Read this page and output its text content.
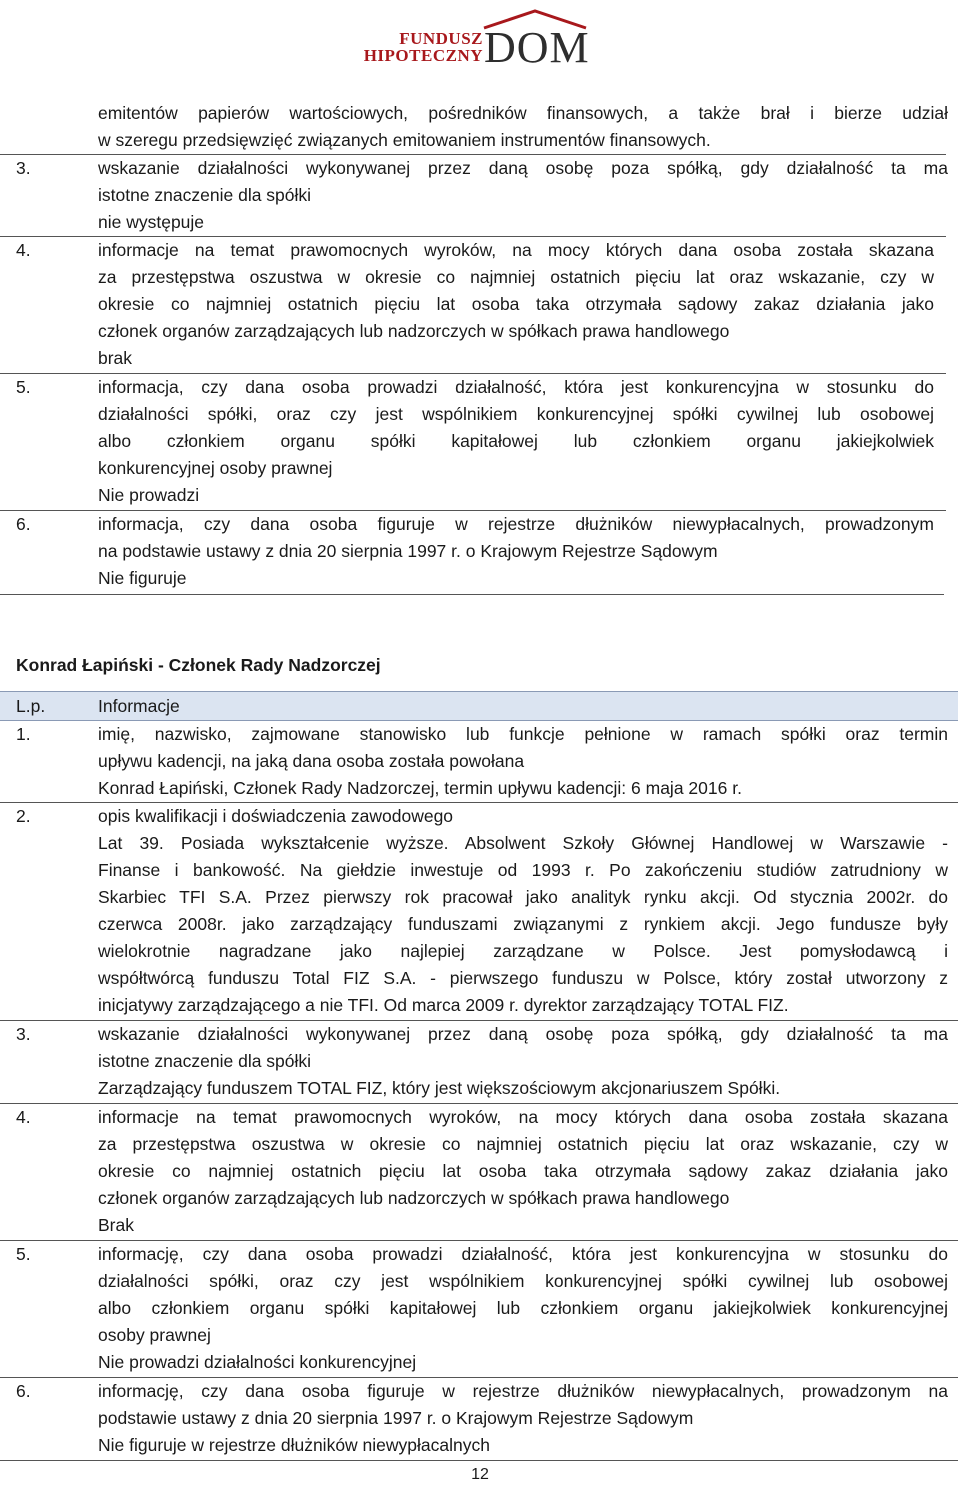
FUNDUSZ
HIPOTECZNY DOM
emitentów papierów wartościowych, pośredników finansowych, a także brał i bierze udział
w szeregu przedsięwzięć związanych emitowaniem instrumentów finansowych.
3.	wskazanie działalności wykonywanej przez daną osobę poza spółką, gdy działalność ta ma
istotne znaczenie dla spółki
nie występuje
4.	informacje na temat prawomocnych wyroków, na mocy których dana osoba została skazana
za przestępstwa oszustwa w okresie co najmniej ostatnich pięciu lat oraz wskazanie, czy w
okresie co najmniej ostatnich pięciu lat osoba taka otrzymała sądowy zakaz działania jako
członek organów zarządzających lub nadzorczych w spółkach prawa handlowego
brak
5.	informacja, czy dana osoba prowadzi działalność, która jest konkurencyjna w stosunku do
działalności spółki, oraz czy jest wspólnikiem konkurencyjnej spółki cywilnej lub osobowej
albo członkiem organu spółki kapitałowej lub członkiem organu jakiejkolwiek
konkurencyjnej osoby prawnej
Nie prowadzi
6.	informacja, czy dana osoba figuruje w rejestrze dłużników niewypłacalnych, prowadzonym
na podstawie ustawy z dnia 20 sierpnia 1997 r. o Krajowym Rejestrze Sądowym
Nie figuruje
Konrad Łapiński - Członek Rady Nadzorczej
L.p.	Informacje
1.	imię, nazwisko, zajmowane stanowisko lub funkcje pełnione w ramach spółki oraz termin
upływu kadencji, na jaką dana osoba została powołana
Konrad Łapiński, Członek Rady Nadzorczej, termin upływu kadencji: 6 maja 2016 r.
2.	opis kwalifikacji i doświadczenia zawodowego
Lat 39. Posiada wykształcenie wyższe. Absolwent Szkoły Głównej Handlowej w Warszawie -
Finanse i bankowość. Na giełdzie inwestuje od 1993 r. Po zakończeniu studiów zatrudniony w
Skarbiec TFI S.A. Przez pierwszy rok pracował jako analityk rynku akcji. Od stycznia 2002r. do
czerwca 2008r. jako zarządzający funduszami związanymi z rynkiem akcji. Jego fundusze były
wielokrotnie nagradzane jako najlepiej zarządzane w Polsce. Jest pomysłodawcą i
współtwórcą funduszu Total FIZ S.A. - pierwszego funduszu w Polsce, który został utworzony z
inicjatywy zarządzającego a nie TFI. Od marca 2009 r. dyrektor zarządzający TOTAL FIZ.
3.	wskazanie działalności wykonywanej przez daną osobę poza spółką, gdy działalność ta ma
istotne znaczenie dla spółki
Zarządzający funduszem TOTAL FIZ, który jest większościowym akcjonariuszem Spółki.
4.	informacje na temat prawomocnych wyroków, na mocy których dana osoba została skazana
za przestępstwa oszustwa w okresie co najmniej ostatnich pięciu lat oraz wskazanie, czy w
okresie co najmniej ostatnich pięciu lat osoba taka otrzymała sądowy zakaz działania jako
członek organów zarządzających lub nadzorczych w spółkach prawa handlowego
Brak
5.	informację, czy dana osoba prowadzi działalność, która jest konkurencyjna w stosunku do
działalności spółki, oraz czy jest wspólnikiem konkurencyjnej spółki cywilnej lub osobowej
albo członkiem organu spółki kapitałowej lub członkiem organu jakiejkolwiek konkurencyjnej
osoby prawnej
Nie prowadzi działalności konkurencyjnej
6.	informację, czy dana osoba figuruje w rejestrze dłużników niewypłacalnych, prowadzonym na
podstawie ustawy z dnia 20 sierpnia 1997 r. o Krajowym Rejestrze Sądowym
Nie figuruje w rejestrze dłużników niewypłacalnych
12
